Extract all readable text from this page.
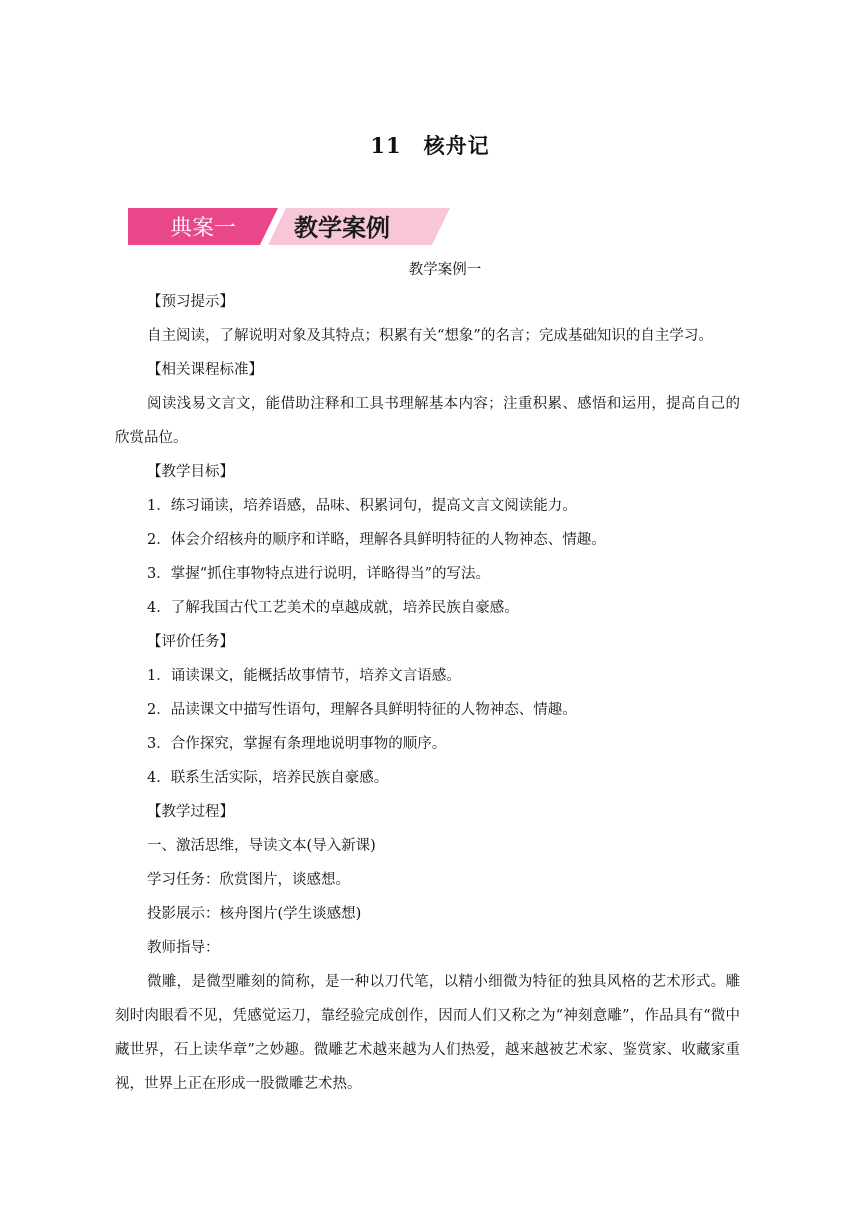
11 核舟记
典案一 教学案例
教学案例一

【预习提示】

自主阅读，了解说明对象及其特点；积累有关“想象”的名言；完成基础知识的自主学习。

【相关课程标准】

阅读浅易文言文，能借助注释和工具书理解基本内容；注重积累、感悟和运用，提高自己的欣赏品位。

【教学目标】

1．练习诵读，培养语感，品味、积累词句，提高文言文阅读能力。

2．体会介绍核舟的顺序和详略，理解各具鲜明特征的人物神态、情趣。

3．掌握“抓住事物特点进行说明，详略得当”的写法。

4．了解我国古代工艺美术的卓越成就，培养民族自豪感。

【评价任务】

1．诵读课文，能概括故事情节，培养文言语感。

2．品读课文中描写性语句，理解各具鲜明特征的人物神态、情趣。

3．合作探究，掌握有条理地说明事物的顺序。

4．联系生活实际，培养民族自豪感。

【教学过程】

一、激活思维，导读文本(导入新课)

学习任务：欣赏图片，谈感想。

投影展示：核舟图片(学生谈感想)

教师指导：

微雕，是微型雕刻的简称，是一种以刀代笔，以精小细微为特征的独具风格的艺术形式。雕刻时肉眼看不见，凭感觉运刀，靠经验完成创作，因而人们又称之为“神刻意雕”，作品具有“微中藏世界，石上读华章”之妙趣。微雕艺术越来越为人们热爱，越来越被艺术家、鉴赏家、收藏家重视，世界上正在形成一股微雕艺术热。
